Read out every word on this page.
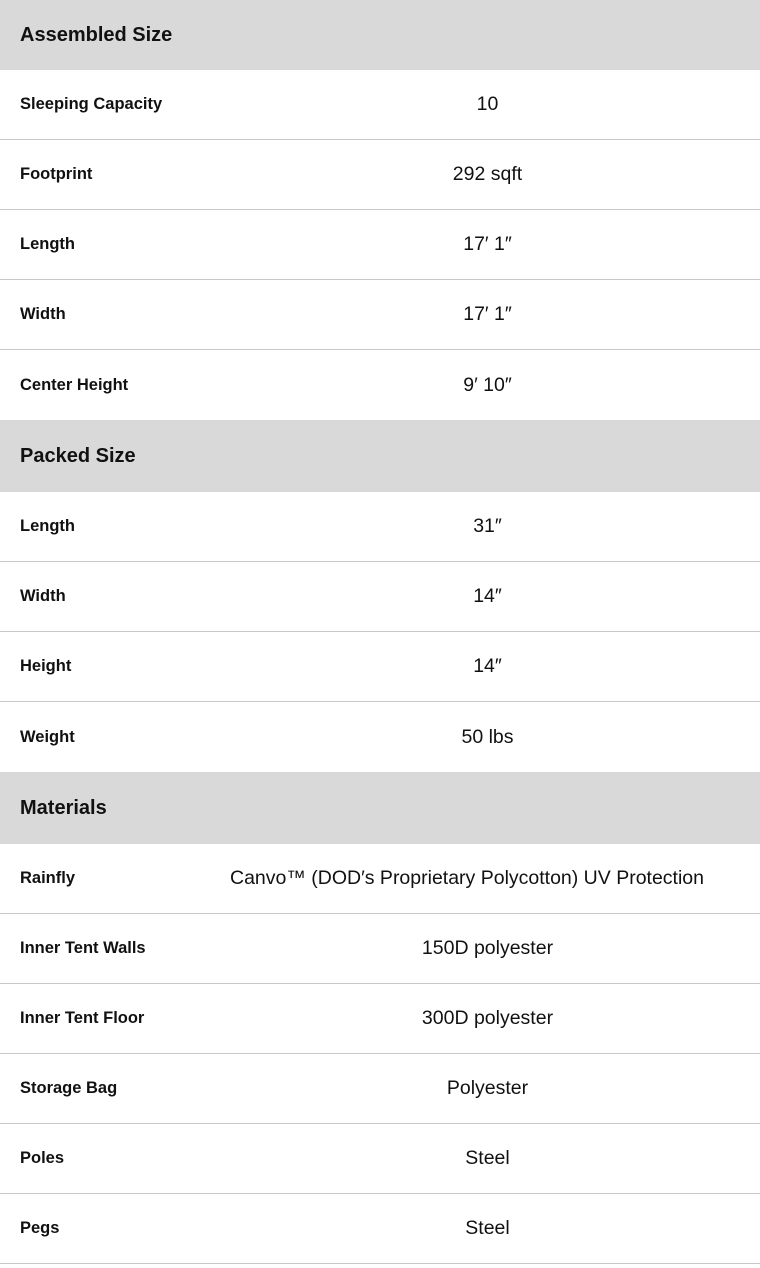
Assembled Size
Sleeping Capacity	10
Footprint	292 sqft
Length	17′ 1″
Width	17′ 1″
Center Height	9′ 10″
Packed Size
Length	31″
Width	14″
Height	14″
Weight	50 lbs
Materials
Rainfly	Canvo™ (DOD′s Proprietary Polycotton) UV Protection
Inner Tent Walls	150D polyester
Inner Tent Floor	300D polyester
Storage Bag	Polyester
Poles	Steel
Pegs	Steel
